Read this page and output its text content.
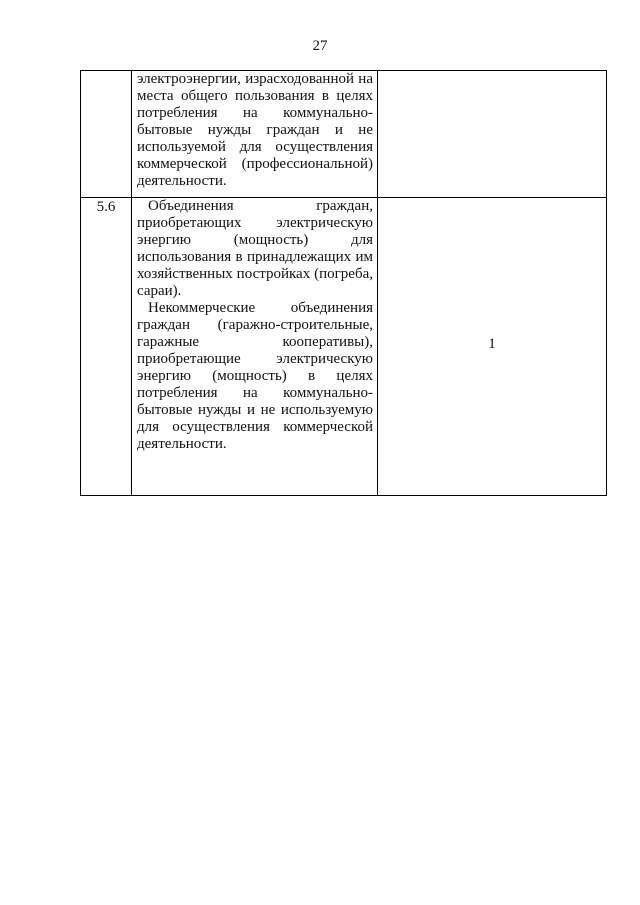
27

	электроэнергии, израсходованной на места общего пользования в целях потребления на коммунально-бытовые нужды граждан и не используемой для осуществления коммерческой (профессиональной) деятельности.	

5.6	Объединения граждан, приобретающих электрическую энергию (мощность) для использования в принадлежащих им хозяйственных постройках (погреба, сараи).

Некоммерческие объединения граждан (гаражно-строительные, гаражные кооперативы), приобретающие электрическую энергию (мощность) в целях потребления на коммунально-бытовые нужды и не используемую для осуществления коммерческой деятельности.	1
